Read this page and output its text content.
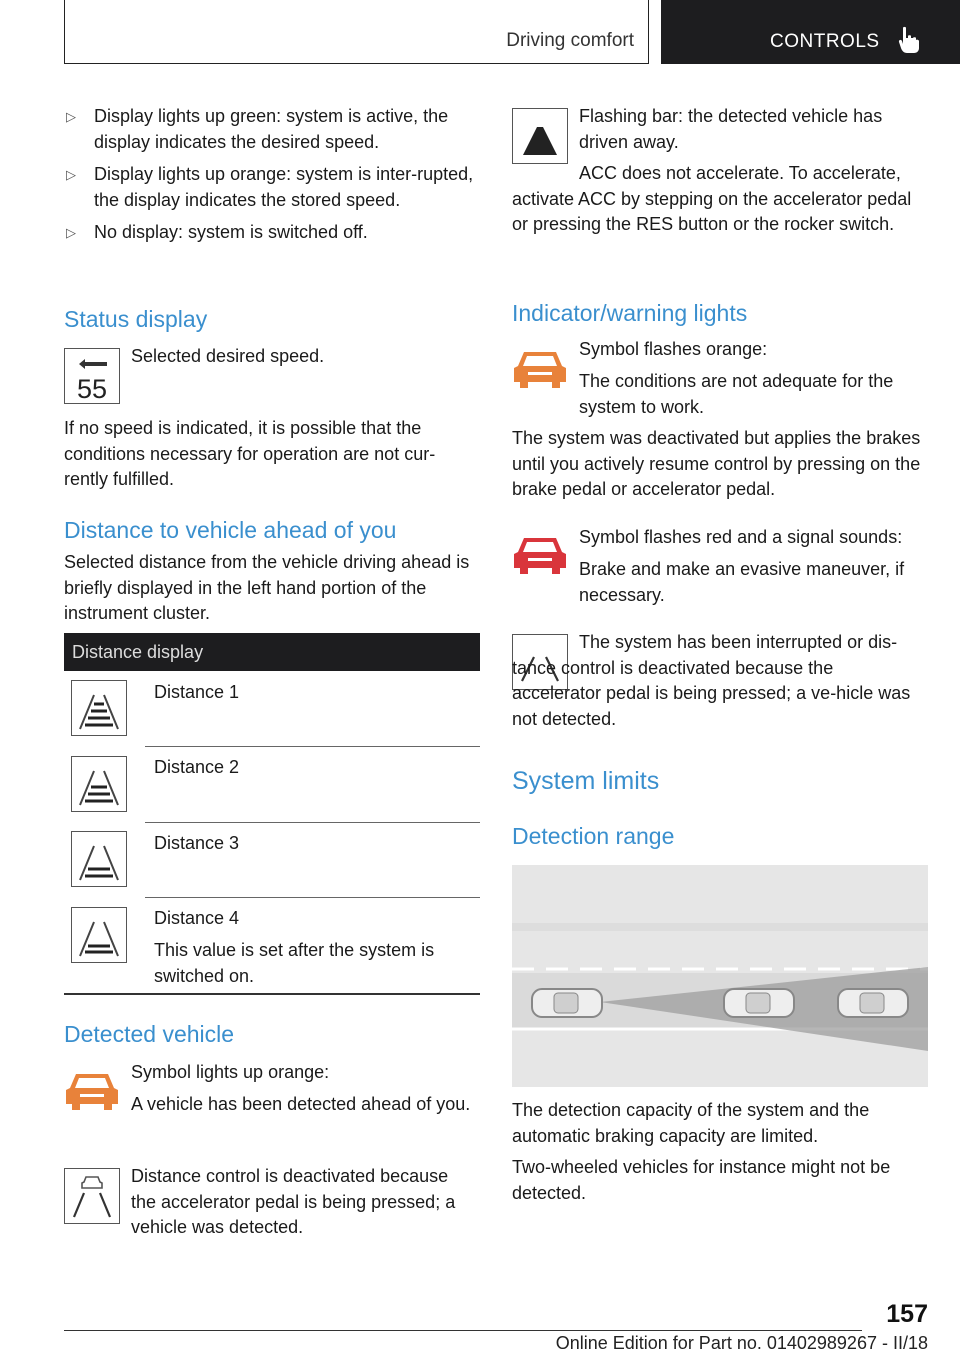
Driving comfort	CONTROLS
▷ Display lights up green: system is active, the display indicates the desired speed.
▷ Display lights up orange: system is inter-rupted, the display indicates the stored speed.
▷ No display: system is switched off.
Status display
55

Selected desired speed.

If no speed is indicated, it is possible that the conditions necessary for operation are not cur-rently fulfilled.

Distance to vehicle ahead of you

Selected distance from the vehicle driving ahead is briefly displayed in the left hand portion of the instrument cluster.

Distance display

Distance 1

Distance 2

Distance 3

Distance 4

This value is set after the system is switched on.

Detected vehicle

Symbol lights up orange:

A vehicle has been detected ahead of you.

Distance control is deactivated because the accelerator pedal is being pressed; a vehicle was detected.

Flashing bar: the detected vehicle has driven away.

ACC does not accelerate. To accelerate, activate ACC by stepping on the accelerator pedal or pressing the RES button or the rocker switch.

Indicator/warning lights

Symbol flashes orange:

The conditions are not adequate for the system to work.

The system was deactivated but applies the brakes until you actively resume control by pressing on the brake pedal or accelerator pedal.

Symbol flashes red and a signal sounds:

Brake and make an evasive maneuver, if necessary.

The system has been interrupted or dis-tance control is deactivated because the accelerator pedal is being pressed; a ve-hicle was not detected.

System limits
Detection range

The detection capacity of the system and the automatic braking capacity are limited.

Two-wheeled vehicles for instance might not be detected.

157
Online Edition for Part no. 01402989267 - II/18
